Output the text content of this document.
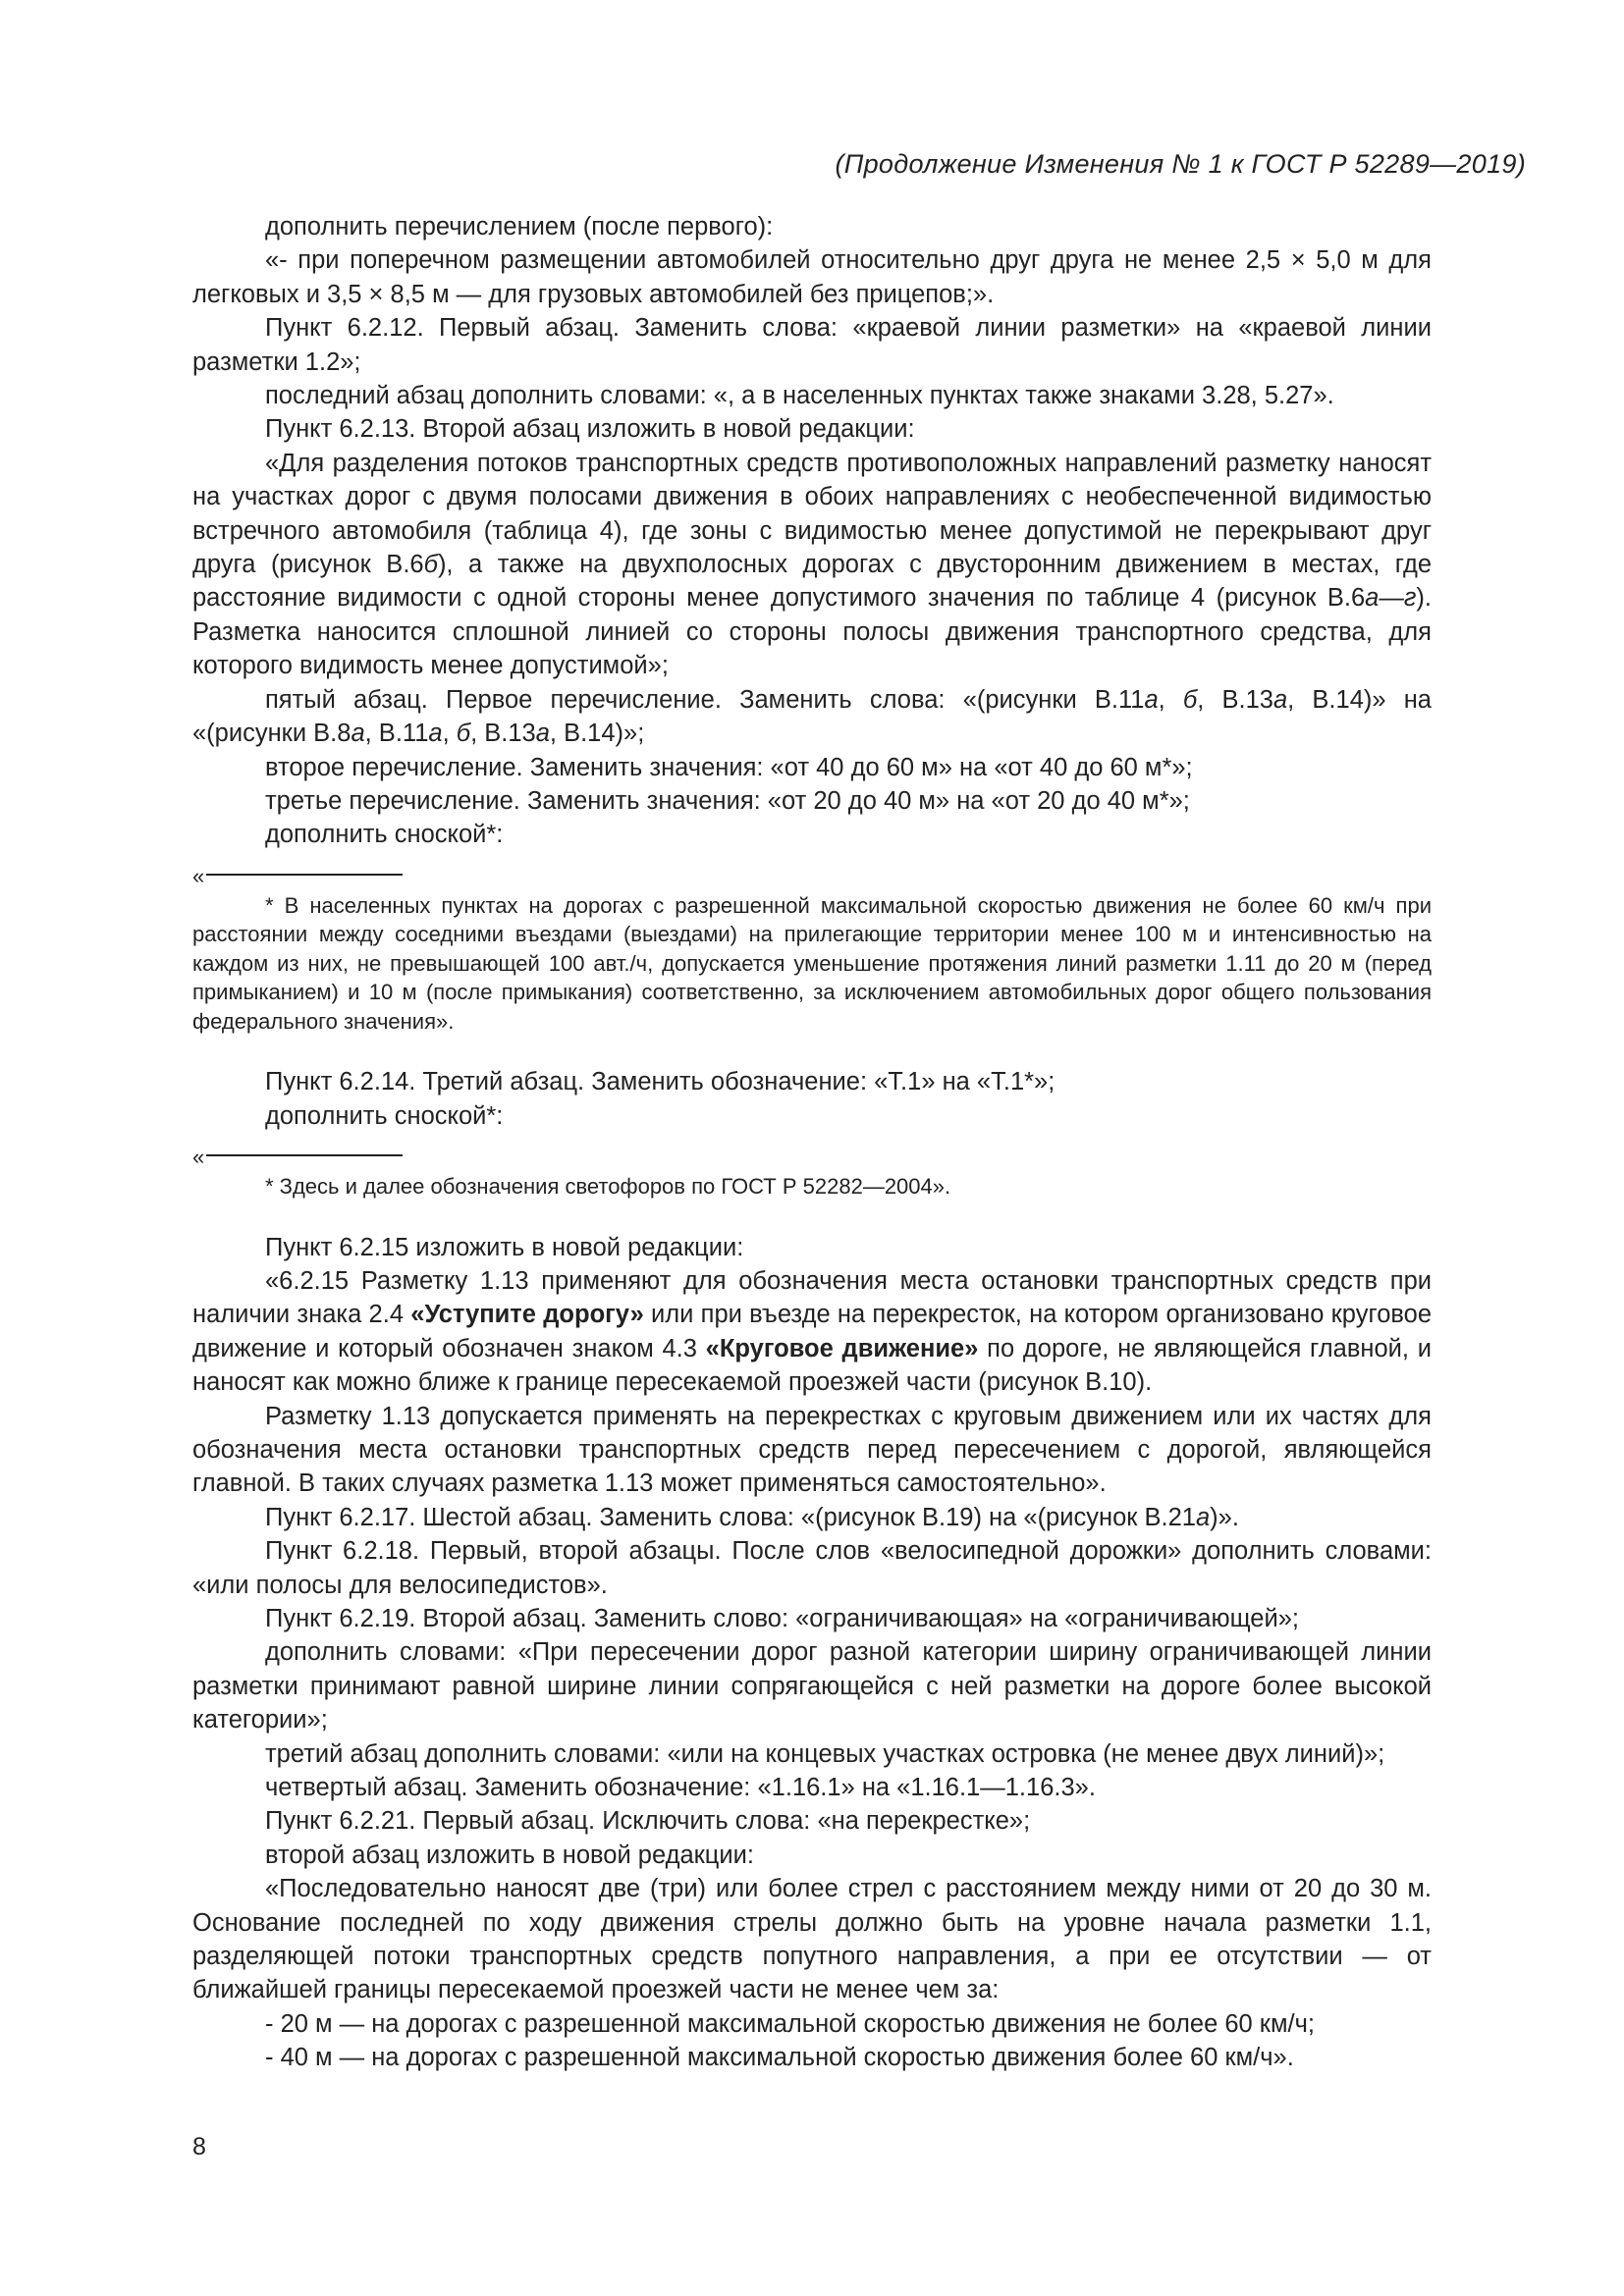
(Продолжение Изменения № 1 к ГОСТ Р 52289—2019)

дополнить перечислением (после первого):

«- при поперечном размещении автомобилей относительно друг друга не менее 2,5 × 5,0 м для легковых и 3,5 × 8,5 м — для грузовых автомобилей без прицепов;».

Пункт 6.2.12. Первый абзац. Заменить слова: «краевой линии разметки» на «краевой линии разметки 1.2»;

последний абзац дополнить словами: «, а в населенных пунктах также знаками 3.28, 5.27».

Пункт 6.2.13. Второй абзац изложить в новой редакции:

«Для разделения потоков транспортных средств противоположных направлений разметку наносят на участках дорог с двумя полосами движения в обоих направлениях с необеспеченной видимостью встречного автомобиля (таблица 4), где зоны с видимостью менее допустимой не перекрывают друг друга (рисунок В.6б), а также на двухполосных дорогах с двусторонним движением в местах, где расстояние видимости с одной стороны менее допустимого значения по таблице 4 (рисунок В.6а—г). Разметка наносится сплошной линией со стороны полосы движения транспортного средства, для которого видимость менее допустимой»;

пятый абзац. Первое перечисление. Заменить слова: «(рисунки В.11а, б, В.13а, В.14)» на «(рисунки В.8а, В.11а, б, В.13а, В.14)»;

второе перечисление. Заменить значения: «от 40 до 60 м» на «от 40 до 60 м*»;

третье перечисление. Заменить значения: «от 20 до 40 м» на «от 20 до 40 м*»;

дополнить сноской*:

«

* В населенных пунктах на дорогах с разрешенной максимальной скоростью движения не более 60 км/ч при расстоянии между соседними въездами (выездами) на прилегающие территории менее 100 м и интенсивностью на каждом из них, не превышающей 100 авт./ч, допускается уменьшение протяжения линий разметки 1.11 до 20 м (перед примыканием) и 10 м (после примыкания) соответственно, за исключением автомобильных дорог общего пользования федерального значения».

Пункт 6.2.14. Третий абзац. Заменить обозначение: «Т.1» на «Т.1*»;

дополнить сноской*:

«

* Здесь и далее обозначения светофоров по ГОСТ Р 52282—2004».

Пункт 6.2.15 изложить в новой редакции:

«6.2.15 Разметку 1.13 применяют для обозначения места остановки транспортных средств при наличии знака 2.4 «Уступите дорогу» или при въезде на перекресток, на котором организовано круговое движение и который обозначен знаком 4.3 «Круговое движение» по дороге, не являющейся главной, и наносят как можно ближе к границе пересекаемой проезжей части (рисунок В.10).

Разметку 1.13 допускается применять на перекрестках с круговым движением или их частях для обозначения места остановки транспортных средств перед пересечением с дорогой, являющейся главной. В таких случаях разметка 1.13 может применяться самостоятельно».

Пункт 6.2.17. Шестой абзац. Заменить слова: «(рисунок В.19) на «(рисунок В.21а)».

Пункт 6.2.18. Первый, второй абзацы. После слов «велосипедной дорожки» дополнить словами: «или полосы для велосипедистов».

Пункт 6.2.19. Второй абзац. Заменить слово: «ограничивающая» на «ограничивающей»;

дополнить словами: «При пересечении дорог разной категории ширину ограничивающей линии разметки принимают равной ширине линии сопрягающейся с ней разметки на дороге более высокой категории»;

третий абзац дополнить словами: «или на концевых участках островка (не менее двух линий)»;

четвертый абзац. Заменить обозначение: «1.16.1» на «1.16.1—1.16.3».

Пункт 6.2.21. Первый абзац. Исключить слова: «на перекрестке»;

второй абзац изложить в новой редакции:

«Последовательно наносят две (три) или более стрел с расстоянием между ними от 20 до 30 м. Основание последней по ходу движения стрелы должно быть на уровне начала разметки 1.1, разделяющей потоки транспортных средств попутного направления, а при ее отсутствии — от ближайшей границы пересекаемой проезжей части не менее чем за:

- 20 м — на дорогах с разрешенной максимальной скоростью движения не более 60 км/ч;

- 40 м — на дорогах с разрешенной максимальной скоростью движения более 60 км/ч».

8
